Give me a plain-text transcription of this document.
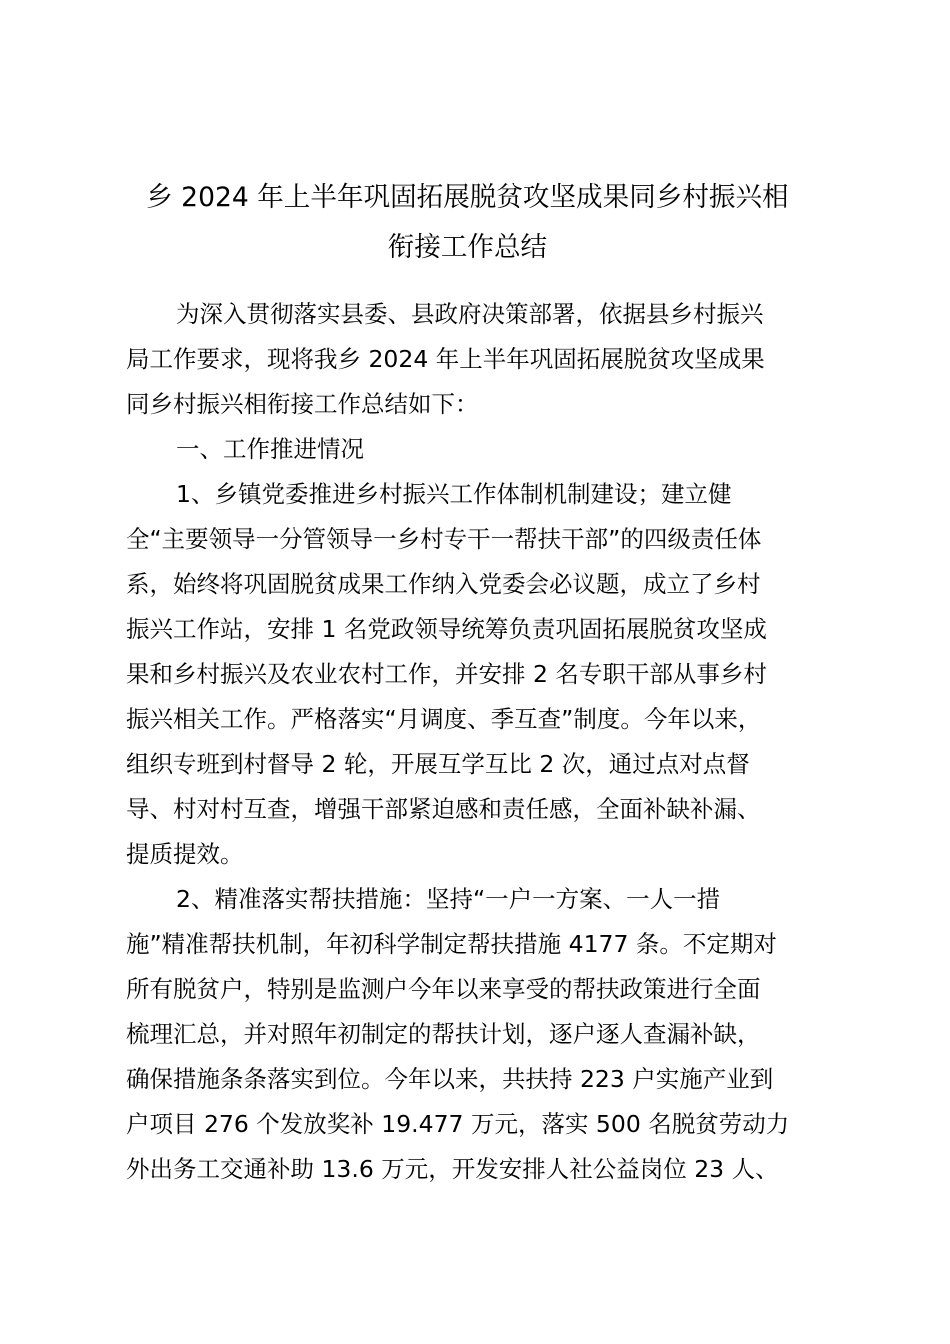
乡 2024 年上半年巩固拓展脱贫攻坚成果同乡村振兴相
衔接工作总结
为深入贯彻落实县委、县政府决策部署，依据县乡村振兴
局工作要求，现将我乡 2024 年上半年巩固拓展脱贫攻坚成果
同乡村振兴相衔接工作总结如下：
一、工作推进情况
1、乡镇党委推进乡村振兴工作体制机制建设；建立健
全“主要领导一分管领导一乡村专干一帮扶干部”的四级责任体
系，始终将巩固脱贫成果工作纳入党委会必议题，成立了乡村
振兴工作站，安排 1 名党政领导统筹负责巩固拓展脱贫攻坚成
果和乡村振兴及农业农村工作，并安排 2 名专职干部从事乡村
振兴相关工作。严格落实“月调度、季互查”制度。今年以来，
组织专班到村督导 2 轮，开展互学互比 2 次，通过点对点督
导、村对村互查，增强干部紧迫感和责任感，全面补缺补漏、
提质提效。
2、精准落实帮扶措施：坚持“一户一方案、一人一措
施”精准帮扶机制，年初科学制定帮扶措施 4177 条。不定期对
所有脱贫户，特别是监测户今年以来享受的帮扶政策进行全面
梳理汇总，并对照年初制定的帮扶计划，逐户逐人查漏补缺，
确保措施条条落实到位。今年以来，共扶持 223 户实施产业到
户项目 276 个发放奖补 19.477 万元，落实 500 名脱贫劳动力
外出务工交通补助 13.6 万元，开发安排人社公益岗位 23 人、
